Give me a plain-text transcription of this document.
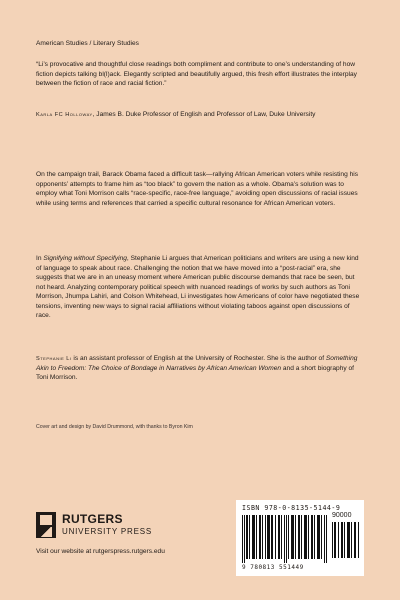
American Studies / Literary Studies

“Li’s provocative and thoughtful close readings both compliment and contribute to one’s understanding of how fiction depicts talking bl(l)ack. Elegantly scripted and beautifully argued, this fresh effort illustrates the interplay between the fiction of race and racial fiction.”

Karla FC Holloway, James B. Duke Professor of English and Professor of Law, Duke University

On the campaign trail, Barack Obama faced a difficult task—rallying African American voters while resisting his opponents’ attempts to frame him as “too black” to govern the nation as a whole. Obama’s solution was to employ what Toni Morrison calls “race-specific, race-free language,” avoiding open discussions of racial issues while using terms and references that carried a specific cultural resonance for African American voters.

In Signifying without Specifying, Stephanie Li argues that American politicians and writers are using a new kind of language to speak about race. Challenging the notion that we have moved into a “post-racial” era, she suggests that we are in an uneasy moment where American public discourse demands that race be seen, but not heard. Analyzing contemporary political speech with nuanced readings of works by such authors as Toni Morrison, Jhumpa Lahiri, and Colson Whitehead, Li investigates how Americans of color have negotiated these tensions, inventing new ways to signal racial affiliations without violating taboos against open discussions of race.

Stephanie Li is an assistant professor of English at the University of Rochester. She is the author of Something Akin to Freedom: The Choice of Bondage in Narratives by African American Women and a short biography of Toni Morrison.

Cover art and design by David Drummond, with thanks to Byron Kim
RUTGERS
UNIVERSITY PRESS
Visit our website at rutgerspress.rutgers.edu
ISBN 978-0-8135-5144-9
90000
9 780813 551449
